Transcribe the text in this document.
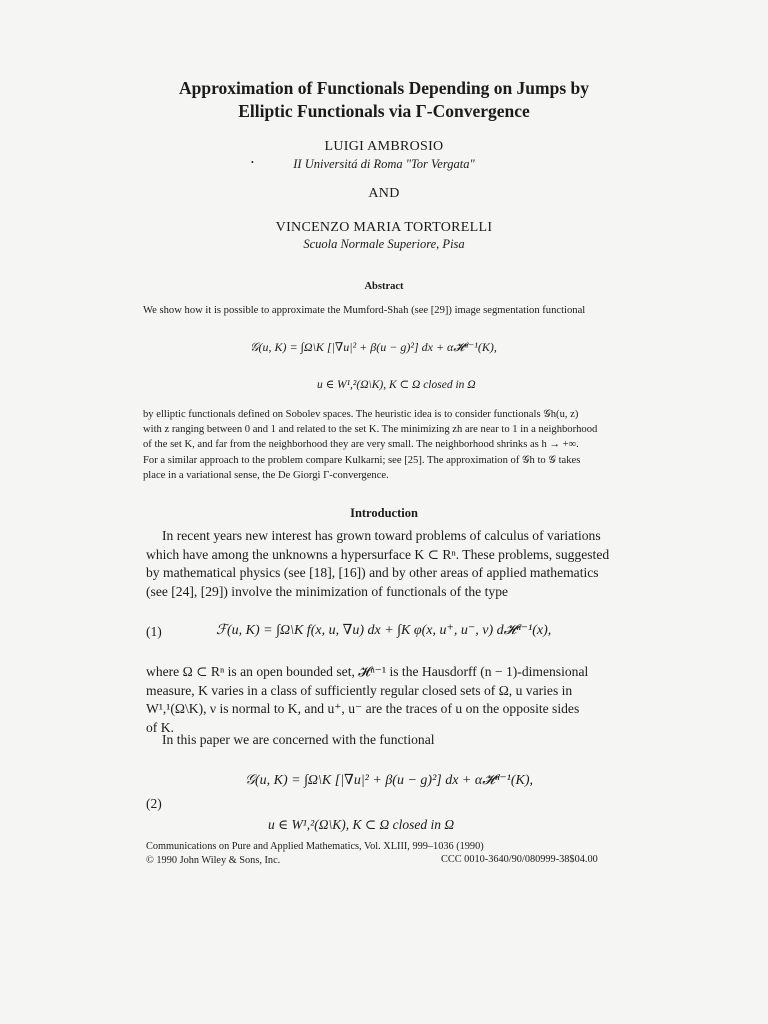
Approximation of Functionals Depending on Jumps by
Elliptic Functionals via Γ-Convergence
LUIGI AMBROSIO
•	II Universitá di Roma "Tor Vergata"
AND
VINCENZO MARIA TORTORELLI
Scuola Normale Superiore, Pisa
Abstract
We show how it is possible to approximate the Mumford-Shah (see [29]) image segmentation functional
𝒢(u, K) = ∫Ω\K [|∇u|² + β(u − g)²] dx + α𝓗ⁿ⁻¹(K),
u ∈ W¹,²(Ω\K), K ⊂ Ω closed in Ω
by elliptic functionals defined on Sobolev spaces. The heuristic idea is to consider functionals 𝒢h(u, z)
with z ranging between 0 and 1 and related to the set K. The minimizing zh are near to 1 in a neighborhood
of the set K, and far from the neighborhood they are very small. The neighborhood shrinks as h → +∞.
For a similar approach to the problem compare Kulkarni; see [25]. The approximation of 𝒢h to 𝒢 takes
place in a variational sense, the De Giorgi Γ-convergence.
Introduction
In recent years new interest has grown toward problems of calculus of variations
which have among the unknowns a hypersurface K ⊂ Rⁿ. These problems, suggested
by mathematical physics (see [18], [16]) and by other areas of applied mathematics
(see [24], [29]) involve the minimization of functionals of the type
(1)	ℱ(u, K) = ∫Ω\K f(x, u, ∇u) dx + ∫K φ(x, u⁺, u⁻, ν) d𝓗ⁿ⁻¹(x),
where Ω ⊂ Rⁿ is an open bounded set, 𝓗ⁿ⁻¹ is the Hausdorff (n − 1)-dimensional
measure, K varies in a class of sufficiently regular closed sets of Ω, u varies in
W¹,¹(Ω\K), ν is normal to K, and u⁺, u⁻ are the traces of u on the opposite sides
of K.
In this paper we are concerned with the functional
𝒢(u, K) = ∫Ω\K [|∇u|² + β(u − g)²] dx + α𝓗ⁿ⁻¹(K),
(2)
u ∈ W¹,²(Ω\K), K ⊂ Ω closed in Ω
Communications on Pure and Applied Mathematics, Vol. XLIII, 999–1036 (1990)
© 1990 John Wiley & Sons, Inc.	CCC 0010-3640/90/080999-38$04.00
